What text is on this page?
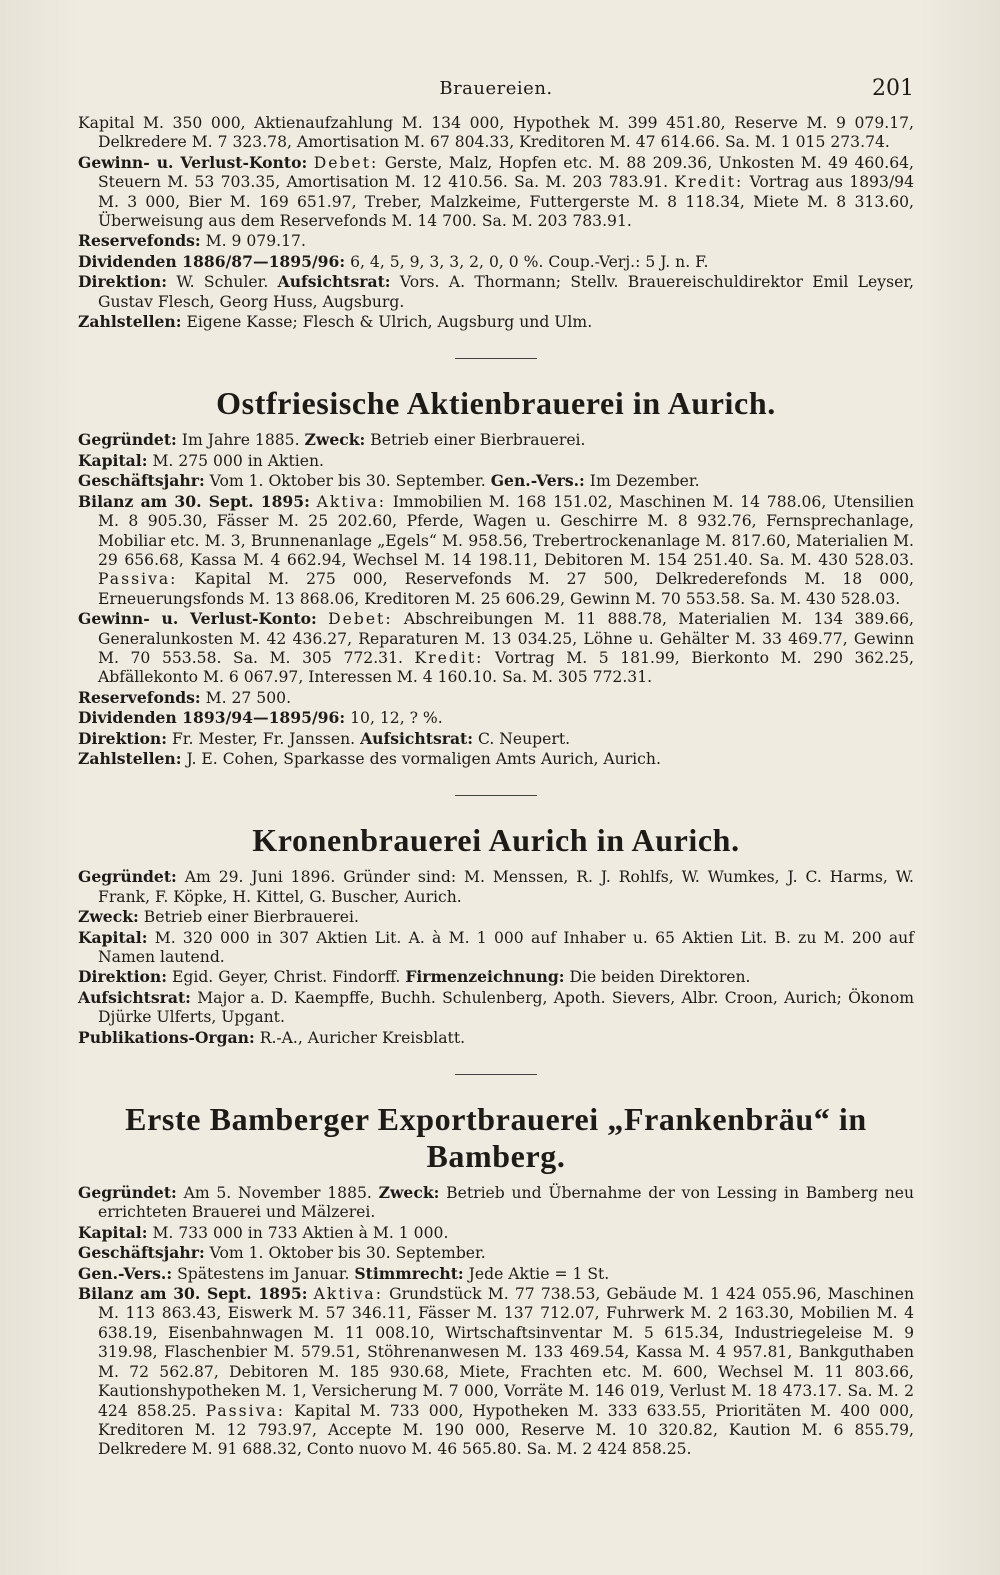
Brauereien.	201

Kapital M. 350 000, Aktienaufzahlung M. 134 000, Hypothek M. 399 451.80, Reserve M. 9 079.17, Delkredere M. 7 323.78, Amortisation M. 67 804.33, Kreditoren M. 47 614.66. Sa. M. 1 015 273.74.

Gewinn- u. Verlust-Konto: Debet: Gerste, Malz, Hopfen etc. M. 88 209.36, Unkosten M. 49 460.64, Steuern M. 53 703.35, Amortisation M. 12 410.56. Sa. M. 203 783.91. Kredit: Vortrag aus 1893/94 M. 3 000, Bier M. 169 651.97, Treber, Malzkeime, Futtergerste M. 8 118.34, Miete M. 8 313.60, Überweisung aus dem Reservefonds M. 14 700. Sa. M. 203 783.91.

Reservefonds: M. 9 079.17.

Dividenden 1886/87—1895/96: 6, 4, 5, 9, 3, 3, 2, 0, 0 %. Coup.-Verj.: 5 J. n. F.

Direktion: W. Schuler. Aufsichtsrat: Vors. A. Thormann; Stellv. Brauereischuldirektor Emil Leyser, Gustav Flesch, Georg Huss, Augsburg.

Zahlstellen: Eigene Kasse; Flesch & Ulrich, Augsburg und Ulm.

Ostfriesische Aktienbrauerei in Aurich.

Gegründet: Im Jahre 1885. Zweck: Betrieb einer Bierbrauerei.

Kapital: M. 275 000 in Aktien.

Geschäftsjahr: Vom 1. Oktober bis 30. September. Gen.-Vers.: Im Dezember.

Bilanz am 30. Sept. 1895: Aktiva: Immobilien M. 168 151.02, Maschinen M. 14 788.06, Utensilien M. 8 905.30, Fässer M. 25 202.60, Pferde, Wagen u. Geschirre M. 8 932.76, Fernsprechanlage, Mobiliar etc. M. 3, Brunnenanlage „Egels“ M. 958.56, Trebertrockenanlage M. 817.60, Materialien M. 29 656.68, Kassa M. 4 662.94, Wechsel M. 14 198.11, Debitoren M. 154 251.40. Sa. M. 430 528.03. Passiva: Kapital M. 275 000, Reservefonds M. 27 500, Delkrederefonds M. 18 000, Erneuerungsfonds M. 13 868.06, Kreditoren M. 25 606.29, Gewinn M. 70 553.58. Sa. M. 430 528.03.

Gewinn- u. Verlust-Konto: Debet: Abschreibungen M. 11 888.78, Materialien M. 134 389.66, Generalunkosten M. 42 436.27, Reparaturen M. 13 034.25, Löhne u. Gehälter M. 33 469.77, Gewinn M. 70 553.58. Sa. M. 305 772.31. Kredit: Vortrag M. 5 181.99, Bierkonto M. 290 362.25, Abfällekonto M. 6 067.97, Interessen M. 4 160.10. Sa. M. 305 772.31.

Reservefonds: M. 27 500.

Dividenden 1893/94—1895/96: 10, 12, ? %.

Direktion: Fr. Mester, Fr. Janssen. Aufsichtsrat: C. Neupert.

Zahlstellen: J. E. Cohen, Sparkasse des vormaligen Amts Aurich, Aurich.

Kronenbrauerei Aurich in Aurich.

Gegründet: Am 29. Juni 1896. Gründer sind: M. Menssen, R. J. Rohlfs, W. Wumkes, J. C. Harms, W. Frank, F. Köpke, H. Kittel, G. Buscher, Aurich.

Zweck: Betrieb einer Bierbrauerei.

Kapital: M. 320 000 in 307 Aktien Lit. A. à M. 1 000 auf Inhaber u. 65 Aktien Lit. B. zu M. 200 auf Namen lautend.

Direktion: Egid. Geyer, Christ. Findorff. Firmenzeichnung: Die beiden Direktoren.

Aufsichtsrat: Major a. D. Kaempffe, Buchh. Schulenberg, Apoth. Sievers, Albr. Croon, Aurich; Ökonom Djürke Ulferts, Upgant.

Publikations-Organ: R.-A., Auricher Kreisblatt.

Erste Bamberger Exportbrauerei „Frankenbräu“ in Bamberg.

Gegründet: Am 5. November 1885. Zweck: Betrieb und Übernahme der von Lessing in Bamberg neu errichteten Brauerei und Mälzerei.

Kapital: M. 733 000 in 733 Aktien à M. 1 000.

Geschäftsjahr: Vom 1. Oktober bis 30. September.

Gen.-Vers.: Spätestens im Januar. Stimmrecht: Jede Aktie = 1 St.

Bilanz am 30. Sept. 1895: Aktiva: Grundstück M. 77 738.53, Gebäude M. 1 424 055.96, Maschinen M. 113 863.43, Eiswerk M. 57 346.11, Fässer M. 137 712.07, Fuhrwerk M. 2 163.30, Mobilien M. 4 638.19, Eisenbahnwagen M. 11 008.10, Wirtschaftsinventar M. 5 615.34, Industriegeleise M. 9 319.98, Flaschenbier M. 579.51, Stöhrenanwesen M. 133 469.54, Kassa M. 4 957.81, Bankguthaben M. 72 562.87, Debitoren M. 185 930.68, Miete, Frachten etc. M. 600, Wechsel M. 11 803.66, Kautionshypotheken M. 1, Versicherung M. 7 000, Vorräte M. 146 019, Verlust M. 18 473.17. Sa. M. 2 424 858.25. Passiva: Kapital M. 733 000, Hypotheken M. 333 633.55, Prioritäten M. 400 000, Kreditoren M. 12 793.97, Accepte M. 190 000, Reserve M. 10 320.82, Kaution M. 6 855.79, Delkredere M. 91 688.32, Conto nuovo M. 46 565.80. Sa. M. 2 424 858.25.
